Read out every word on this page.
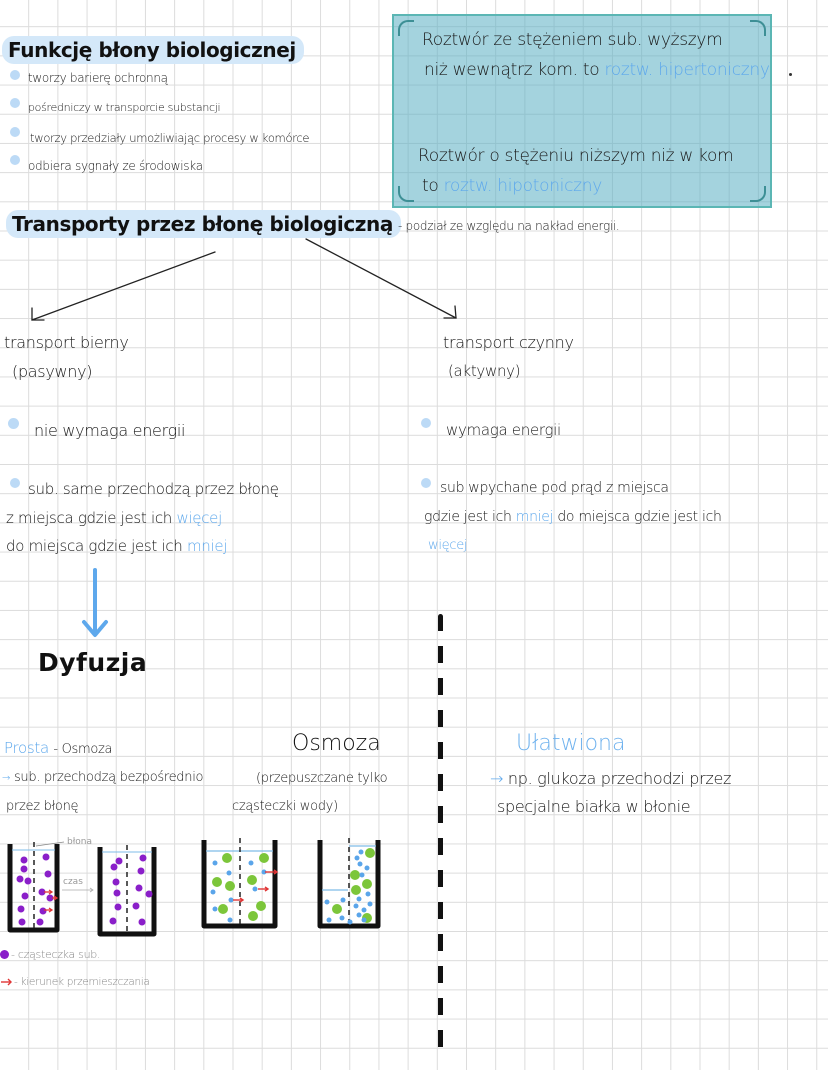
Funkcję błony biologicznej
tworzy barierę ochronną
pośredniczy w transporcie substancji
tworzy przedziały umożliwiając procesy w komórce
odbiera sygnały ze środowiska
Roztwór ze stężeniem sub. wyższym
niż wewnątrz kom. to roztw. hipertoniczny
Roztwór o stężeniu niższym niż w kom
to roztw. hipotoniczny
Transporty przez błonę biologiczną - podział ze względu na nakład energii.
transport bierny
(pasywny)
nie wymaga energii
sub. same przechodzą przez błonę
z miejsca gdzie jest ich więcej
do miejsca gdzie jest ich mniej
transport czynny
(aktywny)
wymaga energii
sub wpychane pod prąd z miejsca
gdzie jest ich mniej do miejsca gdzie jest ich
więcej
Dyfuzja
Prosta - Osmoza
→ sub. przechodzą bezpośrednio
przez błonę
Osmoza
(przepuszczane tylko
cząsteczki wody)
Ułatwiona
→ np. glukoza przechodzi przez
specjalne białka w błonie
błona
czas
- cząsteczka sub.
- kierunek przemieszczania
